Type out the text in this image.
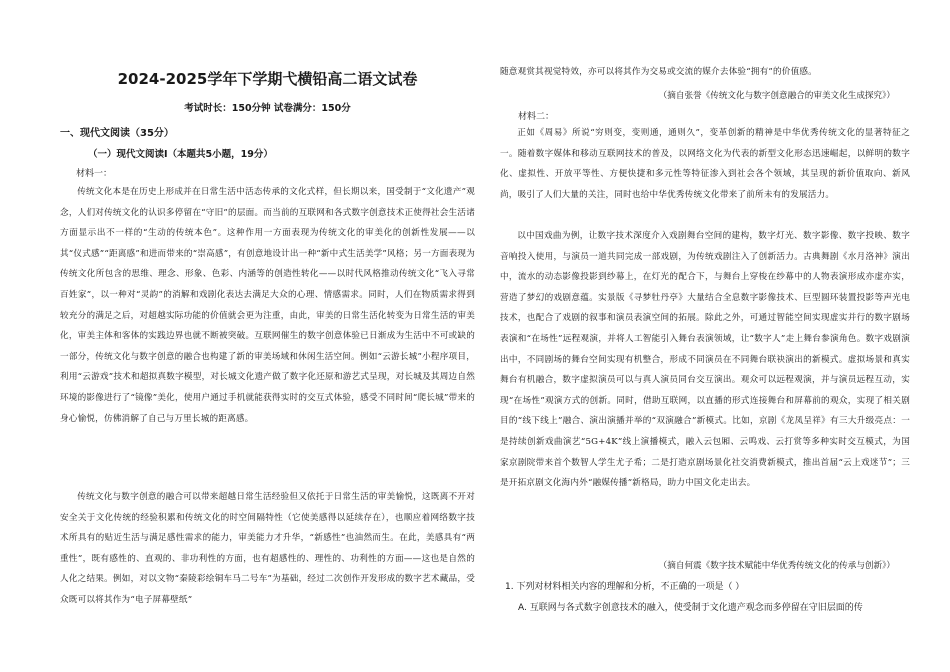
2024-2025学年下学期弋横铅高二语文试卷
考试时长：150分钟 试卷满分：150分
一、现代文阅读（35分）
（一）现代文阅读Ⅰ（本题共5小题，19分）
材料一：

传统文化本是在历史上形成并在日常生活中活态传承的文化式样，但长期以来，国受制于“文化遗产”观念，人们对传统文化的认识多停留在“守旧”的层面。而当前的互联网和各式数字创意技术正使得社会生活诸方面显示出不一样的“生动的传统本色”。这种作用一方面表现为传统文化的审美化的创新性发展——以其“仪式感”“距离感”和进而带来的“崇高感”，有创意地设计出一种“新中式生活美学”风格；另一方面表现为传统文化所包含的思维、理念、形象、色彩、内涵等的创造性转化——以时代风格推动传统文化“飞入寻常百姓家”，以一种对“灵韵”的消解和戏剧化表达去满足大众的心理、情感需求。同时，人们在物质需求得到较充分的满足之后，对超越实际功能的价值就会更为注重，由此，审美的日常生活化转变为日常生活的审美化，审美主体和客体的实践边界也就不断被突破。互联网催生的数字创意体验已日渐成为生活中不可或缺的一部分，传统文化与数字创意的融合也构建了新的审美场域和休闲生活空间。例如“云游长城”小程序项目，利用“云游戏”技术和超拟真数字模型，对长城文化遗产做了数字化还原和游艺式呈现，对长城及其周边自然环境的影像进行了“镜像”美化，使用户通过手机就能获得实时的交互式体验，感受不同时间“爬长城”带来的身心愉悦，仿佛消解了自己与万里长城的距离感。

传统文化与数字创意的融合可以带来超越日常生活经验但又依托于日常生活的审美愉悦，这既离不开对安全关于文化传统的经验积累和传统文化的时空间隔特性（它使美感得以延续存在），也顺应着网络数字技术所具有的贴近生活与满足感性需求的能力，审美能力才升华，“新感性”也油然而生。在此，美感具有“两重性”，既有感性的、直观的、非功利性的方面，也有超感性的、理性的、功利性的方面——这也是自然的人化之结果。例如，对以文物“秦陵彩绘铜车马二号车”为基础，经过二次创作开发形成的数字艺术藏品，受众既可以将其作为“电子屏幕壁纸”

随意观赏其视觉特效，亦可以将其作为交易或交流的媒介去体验“拥有”的价值感。

（摘自张誉《传统文化与数字创意融合的审美文化生成探究》）

材料二：

正如《周易》所说“穷则变，变则通，通则久”，变革创新的精神是中华优秀传统文化的显著特征之一。随着数字媒体和移动互联网技术的普及，以网络文化为代表的新型文化形态迅速崛起，以鲜明的数字化、虚拟性、开放平等性、方便快捷和多元性等特征渗入到社会各个领域，其呈现的新价值取向、新风尚，吸引了人们大量的关注，同时也给中华优秀传统文化带来了前所未有的发展活力。

以中国戏曲为例，让数字技术深度介入戏剧舞台空间的建构，数字灯光、数字影像、数字投映、数字音响投入使用，与演员一道共同完成一部戏剧，为传统戏剧注入了创新活力。古典舞剧《水月洛神》演出中，流水的动态影像投影到纱幕上，在灯光的配合下，与舞台上穿梭在纱幕中的人物表演形成亦虚亦实，营造了梦幻的戏剧意蕴。实景版《寻梦牡丹亭》大量结合全息数字影像技术、巨型圆环装置投影等声光电技术，也配合了戏剧的叙事和演员表演空间的拓展。除此之外，可通过智能空间实现虚实并行的数字剧场表演和“在场性”远程观演，并将人工智能引入舞台表演领域，让“数字人”走上舞台参演角色。数字戏剧演出中，不同剧场的舞台空间实现有机整合，形成不同演员在不同舞台联袂演出的新模式。虚拟场景和真实舞台有机融合，数字虚拟演员可以与真人演员同台交互演出。观众可以远程观演，并与演员远程互动，实现“在场性”观演方式的创新。同时，借助互联网，以直播的形式连接舞台和屏幕前的观众，实现了相关剧目的“线下线上”融合、演出演播并举的“双演融合”新模式。比如，京剧《龙凤呈祥》有三大升级亮点：一是持续创新戏曲演艺“5G+4K”线上演播模式，融入云包厢、云鸣戏、云打赏等多种实时交互模式，为国家京剧院带来首个数智人学生尤子希；二是打造京剧场景化社交消费新模式，推出首届“云上戏迷节”；三是开拓京剧文化海内外“融媒传播”新格局，助力中国文化走出去。

（摘自何震《数字技术赋能中华优秀传统文化的传承与创新》）

1. 下列对材料相关内容的理解和分析，不正确的一项是（ ）

A. 互联网与各式数字创意技术的融入，使受制于文化遗产观念而多停留在守旧层面的传
